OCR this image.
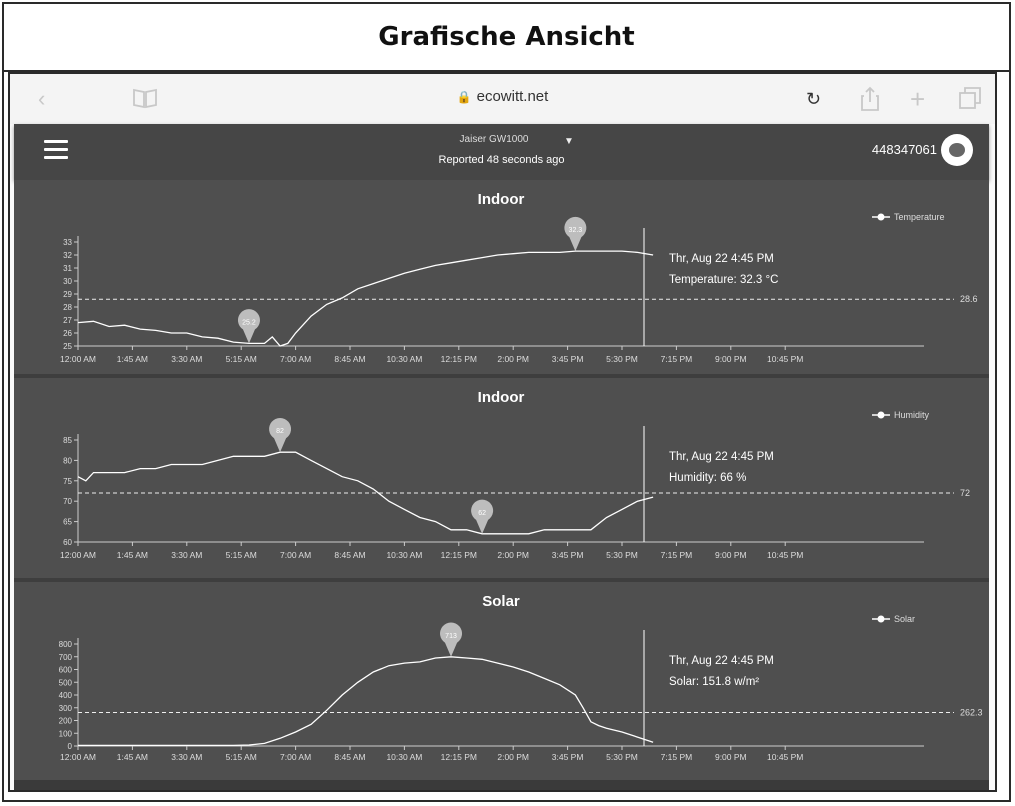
Grafische Ansicht
‹	🔒 ecowitt.net	↻	+
Jaiser GW1000	▼
Reported 48 seconds ago
448347061
Indoor
Temperature
33
32
31
30
29
28
27
26
25
12:00 AM 1:45 AM	3:30 AM	5:15 AM	7:00 AM	8:45 AM 10:30 AM 12:15 PM 2:00 PM	3:45 PM	5:30 PM	7:15 PM	9:00 PM 10:45 PM
28.6
32.3
25.2
Thr, Aug 22 4:45 PM
Temperature: 32.3 °C
Indoor
Humidity
85
80
75
70
65
60
12:00 AM 1:45 AM	3:30 AM	5:15 AM	7:00 AM	8:45 AM 10:30 AM 12:15 PM 2:00 PM	3:45 PM	5:30 PM	7:15 PM	9:00 PM 10:45 PM
72
82
62
Thr, Aug 22 4:45 PM
Humidity: 66 %
Solar
Solar
800
700
600
500
400
300
200
100
0
12:00 AM 1:45 AM	3:30 AM	5:15 AM	7:00 AM	8:45 AM 10:30 AM 12:15 PM 2:00 PM	3:45 PM	5:30 PM	7:15 PM	9:00 PM 10:45 PM
262.3
713
Thr, Aug 22 4:45 PM
Solar: 151.8 w/m²
